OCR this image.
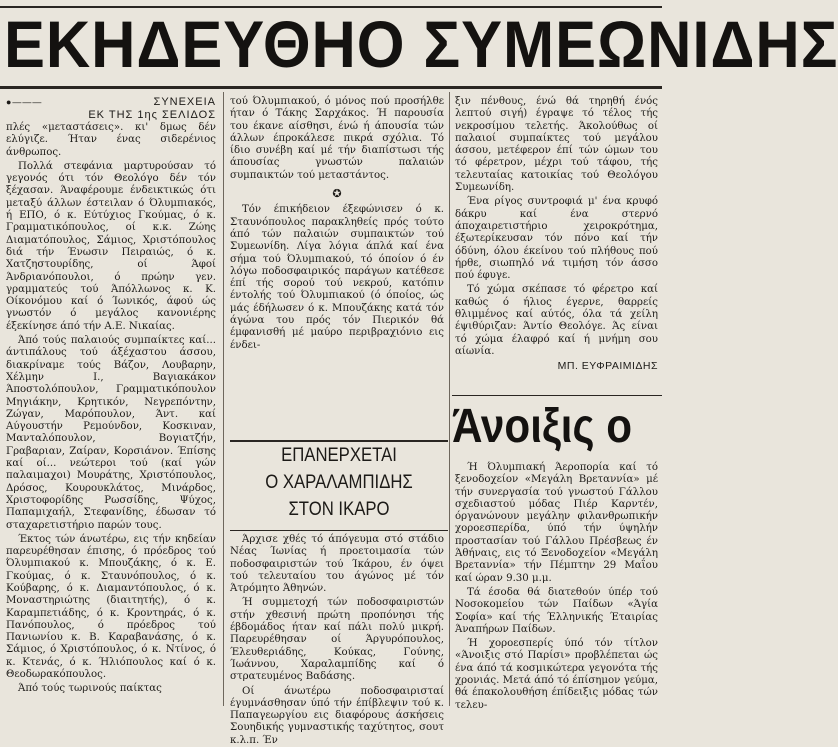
ΕΚΗΔΕΥΘΗΟ ΣΥΜΕΩΝΙΔΗΣ
●———	ΣΥΝΕΧΕΙΑ
ΕΚ ΤΗΣ 1ης ΣΕΛΙΔΟΣ

πλές «μεταστάσεις». κι' δμως δέν ελύγιζε. Ήταν ένας σιδερένιος άνθρωπος.

Πολλά στεφάνια μαρτυρούσαν τό γεγονός ότι τόν Θεολόγο δέν τόν ξέχασαν. Άναφέρουμε ένδεικτικώς ότι μεταξύ άλλων έστειλαν ό Όλυμπιακός, ή ΕΠΟ, ό κ. Εύτύχιος Γκούμας, ό κ. Γραμματικόπουλος, οί κ.κ. Ζώης Διαματόπουλος, Σάμιος, Χριστόπουλος διά τήν Ένωσιν Πειραιώς, ό κ. Χατζηστουρίδης, οί Άφοί Άνδριανόπουλοι, ό πρώην γεν. γραμματεύς τού Άπόλλωνος κ. Κ. Οίκονόμου καί ό Ίωνικός, άφού ώς γνωστόν ό μεγάλος κανονιέρης έξεκίνησε άπό τήν Α.Ε. Νικαίας.

Άπό τούς παλαιούς συμπαίκτες καί... άντιπάλους τού άξέχαστου άσσου, διακρίναμε τούς Βάζον, Λουβαρην, Χέλμην Ι., Βαγιακάκον Άποστολόπουλον, Γραμματικόπουλον Μηγιάκην, Κρητικόν, Νεγρεπόντην, Ζώγαν, Μαρόπουλον, Άντ. καί Αύγουστήν Ρεμούνδον, Κοσκιναν, Μανταλόπουλον, Βογιατζήν, Γραβαριαν, Ζαίραν, Κορσιάνον. Έπίσης καί οί... νεώτεροι τού (καί γών παλαιμαχοι) Μουράτης, Χριστόπουλος, Δρόσος, Κουρουκλάτος, Μινάρδος, Χριστοφορίδης Ρωσσίδης, Ψύχος, Παπαμιχαήλ, Στεφανίδης, έδωσαν τό σταχαρετιστήριο παρών τους.

Έκτος τών άνωτέρω, εις τήν κηδείαν παρευρέθησαν έπισης, ό πρόεδρος τού Όλυμπιακού κ. Μπουζάκης, ό κ. Ε. Γκούμας, ό κ. Σταυνόπουλος, ό κ. Κούβαρης, ό κ. Διαμαντόπουλος, ό κ. Μοναστηριώτης (διαιτητής), ό κ. Καραμπετιάδης, ό κ. Κροντηράς, ό κ. Πανόπουλος, ό πρόεδρος τού Πανιωνίου κ. Β. Καραβανάσης, ό κ. Σάμιος, ό Χριστόπουλος, ό κ. Ντίνος, ό κ. Κτενάς, ό κ. Ήλιόπουλος καί ό κ. Θεοδωρακόπουλος.

Άπό τούς τωρινούς παίκτας

τού Όλυμπιακού, ό μόνος πού προσήλθε ήταν ό Τάκης Σαρχάκος. Ή παρουσία του έκανε αίσθησι, ένώ ή άπουσία τών άλλων έπροκάλεσε πικρά σχόλια. Τό ίδιο συνέβη καί μέ τήν διαπίστωσι τής άπουσίας γνωστών παλαιών συμπαικτών τού μεταστάντος.

✪

Τόν έπικήδειον έξεφώνισεν ό κ. Σταυνόπουλος παρακληθείς πρός τούτο άπό τών παλαιών συμπαικτών τού Συμεωνίδη. Λίγα λόγια άπλά καί ένα σήμα τού Όλυμπιακού, τό όποίον ό έν λόγω ποδοσφαιρικός παράγων κατέθεσε έπί τής σορού τού νεκρού, κατόπιν έντολής τού Όλυμπιακού (ό όποίος, ώς μάς έδήλωσεν ό κ. Μπουζάκης κατά τόν άγώνα του πρός τόν Πιερικόν θά έμφανισθή μέ μαύρο περιβραχιόνιο εις ένδει-

ΕΠΑΝΕΡΧΕΤΑΙ
Ο ΧΑΡΑΛΑΜΠΙΔΗΣ
ΣΤΟΝ ΙΚΑΡΟ

Άρχισε χθές τό άπόγευμα στό στάδιο Νέας Ίωνίας ή προετοιμασία τών ποδοσφαιριστών τού Ίκάρου, έν όψει τού τελευταίου του άγώνος μέ τόν Άτρόμητο Άθηνών.

Ή συμμετοχή τών ποδοσφαιριστών στήν χθεσινή πρώτη προπόνησι τής έβδομάδος ήταν καί πάλι πολύ μικρή. Παρευρέθησαν οί Άργυρόπουλος, Έλευθεριάδης, Κούκας, Γούνης, Ίωάννου, Χαραλαμπίδης καί ό στρατευμένος Βαδάσης.

Οί άνωτέρω ποδοσφαιρισταί έγυμνάσθησαν ύπό τήν έπίβλεψιν τού κ. Παπαγεωργίου εις διαφόρους άσκήσεις Σουηδικής γυμναστικής ταχύτητος, σουτ κ.λ.π. Έν

ξιν πένθους, ένώ θά τηρηθή ένός λεπτού σιγή) έγραψε τό τέλος τής νεκροσίμου τελετής. Άκολούθως οί παλαιοί συμπαίκτες τού μεγάλου άσσου, μετέφερον έπί τών ώμων του τό φέρετρον, μέχρι τού τάφου, τής τελευταίας κατοικίας τού Θεολόγου Συμεωνίδη.

Ένα ρίγος συντροφιά μ' ένα κρυφό δάκρυ καί ένα στερνό άποχαιρετιστήριο χειροκρότημα, έξωτερίκευσαν τόν πόνο καί τήν όδύνη, όλου έκείνου τού πλήθους πού ήρθε, σιωπηλό νά τιμήση τόν άσσο πού έφυγε.

Τό χώμα σκέπασε τό φέρετρο καί καθώς ό ήλιος έγερνε, θαρρείς θλιμμένος καί αύτός, όλα τά χείλη έψιθύριζαν: Άντίο Θεολόγε. Άς είναι τό χώμα έλαφρό καί ή μνήμη σου αίωνία.

ΜΠ. ΕΥΦΡΑΙΜΙΔΗΣ
Άνοιξις ο

Ή Όλυμπιακή Άεροπορία καί τό ξενοδοχείον «Μεγάλη Βρεταννία» μέ τήν συνεργασία τού γνωστού Γάλλου σχεδιαστού μόδας Πιέρ Καρντέν, όργανώνουν μεγάλην φιλανθρωπικήν χοροεσπερίδα, ύπό τήν ύψηλήν προστασίαν τού Γάλλου Πρέσβεως έν Άθήναις, εις τό Ξενοδοχείον «Μεγάλη Βρεταννία» τήν Πέμπτην 29 Μαΐου καί ώραν 9.30 μ.μ.

Τά έσοδα θά διατεθούν ύπέρ τού Νοσοκομείου τών Παίδων «Άγία Σοφία» καί τής Έλληνικής Έταιρίας Άναπήρων Παίδων.

Ή χοροεσπερίς ύπό τόν τίτλον «Άνοιξις στό Παρίσι» προβλέπεται ώς ένα άπό τά κοσμικώτερα γεγονότα τής χρονιάς. Μετά άπό τό έπίσημον γεύμα, θά έπακολουθήση έπίδειξις μόδας τών τελευ-
